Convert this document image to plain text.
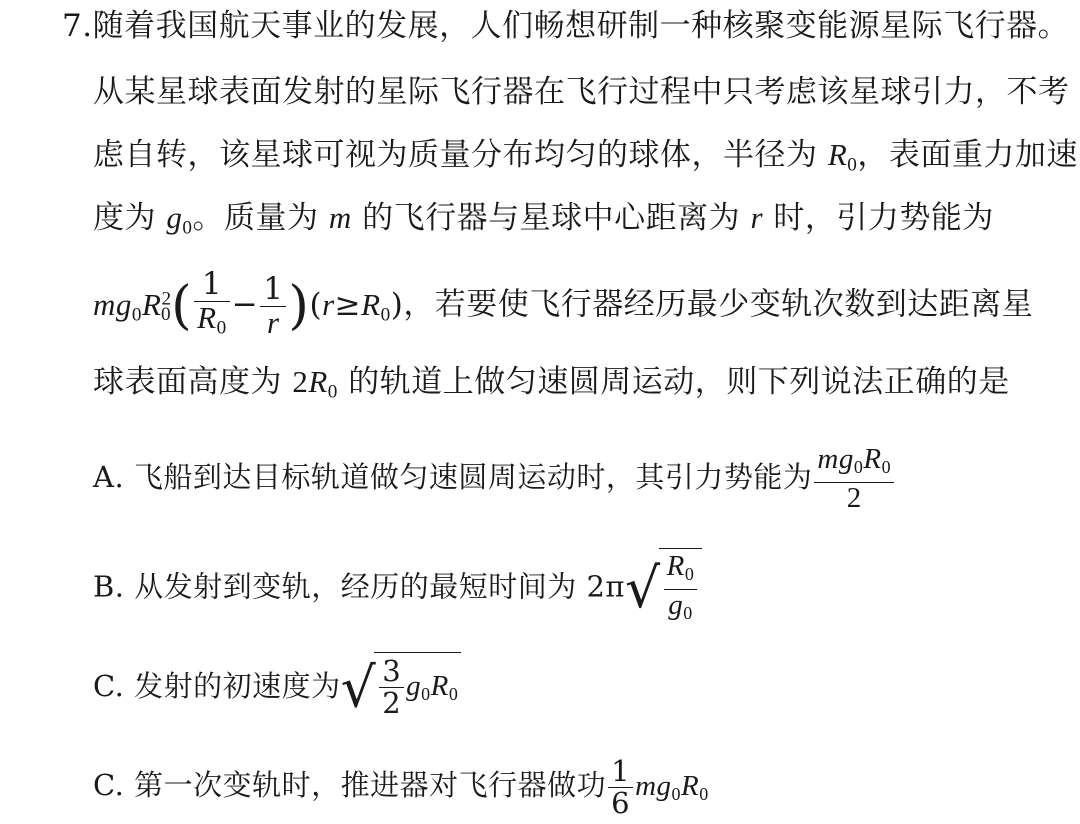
7.随着我国航天事业的发展，人们畅想研制一种核聚变能源星际飞行器。
从某星球表面发射的星际飞行器在飞行过程中只考虑该星球引力，不考
虑自转，该星球可视为质量分布均匀的球体，半径为 $R_0$，表面重力加速
度为 $g_0$。质量为 m 的飞行器与星球中心距离为 r 时，引力势能为
$mg_0R^2_0( \frac{1}{R_0} - \frac{1}{r} )(r\ge R_0)$，若要使飞行器经历最少变轨次数到达距离星
球表面高度为 $2R_0$ 的轨道上做匀速圆周运动，则下列说法正确的是
A. 飞船到达目标轨道做匀速圆周运动时，其引力势能为 $\frac{mg_0R_0}{2}$
B. 从发射到变轨，经历的最短时间为 $2\pi√ \frac{R_0}{g_0}$
C. 发射的初速度为√ $\frac{3}{2} g_0R_0$
C. 第一次变轨时，推进器对飞行器做功 $\frac{1}{6} mg_0R_0$
